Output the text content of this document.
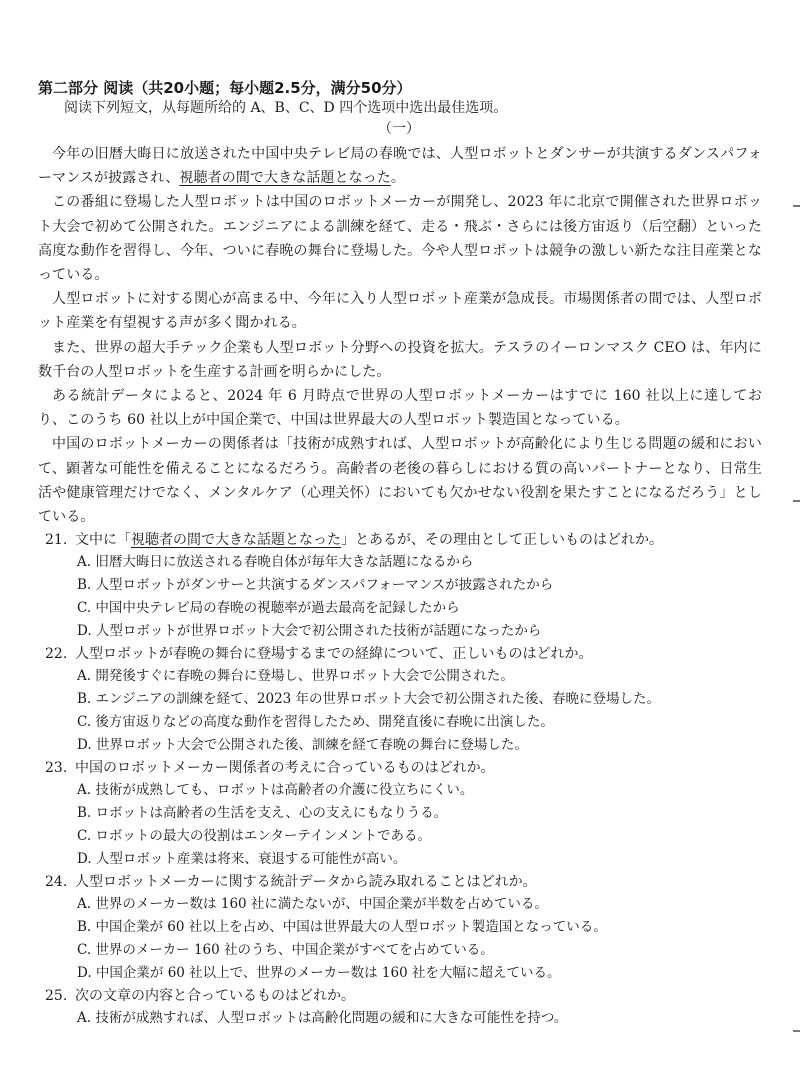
第二部分 阅读（共20小题；每小题2.5分，满分50分）
阅读下列短文，从每题所给的 A、B、C、D 四个选项中选出最佳选项。
（一）

今年の旧暦大晦日に放送された中国中央テレビ局の春晩では、人型ロボットとダンサーが共演するダンスパフォーマンスが披露され、視聴者の間で大きな話題となった。

この番組に登場した人型ロボットは中国のロボットメーカーが開発し、2023 年に北京で開催された世界ロボット大会で初めて公開された。エンジニアによる訓練を経て、走る・飛ぶ・さらには後方宙返り（后空翻）といった高度な動作を習得し、今年、ついに春晩の舞台に登場した。今や人型ロボットは競争の激しい新たな注目産業となっている。

人型ロボットに対する関心が高まる中、今年に入り人型ロボット産業が急成長。市場関係者の間では、人型ロボット産業を有望視する声が多く聞かれる。

また、世界の超大手テック企業も人型ロボット分野への投資を拡大。テスラのイーロンマスク CEO は、年内に数千台の人型ロボットを生産する計画を明らかにした。

ある統計データによると、2024 年 6 月時点で世界の人型ロボットメーカーはすでに 160 社以上に達しており、このうち 60 社以上が中国企業で、中国は世界最大の人型ロボット製造国となっている。

中国のロボットメーカーの関係者は「技術が成熟すれば、人型ロボットが高齢化により生じる問題の緩和において、顕著な可能性を備えることになるだろう。高齢者の老後の暮らしにおける質の高いパートナーとなり、日常生活や健康管理だけでなく、メンタルケア（心理关怀）においても欠かせない役割を果たすことになるだろう」としている。

21. 文中に「視聴者の間で大きな話題となった」とあるが、その理由として正しいものはどれか。
A. 旧暦大晦日に放送される春晩自体が毎年大きな話題になるから
B. 人型ロボットがダンサーと共演するダンスパフォーマンスが披露されたから
C. 中国中央テレビ局の春晩の視聴率が過去最高を記録したから
D. 人型ロボットが世界ロボット大会で初公開された技術が話題になったから
22. 人型ロボットが春晩の舞台に登場するまでの経緯について、正しいものはどれか。
A. 開発後すぐに春晩の舞台に登場し、世界ロボット大会で公開された。
B. エンジニアの訓練を経て、2023 年の世界ロボット大会で初公開された後、春晩に登場した。
C. 後方宙返りなどの高度な動作を習得したため、開発直後に春晩に出演した。
D. 世界ロボット大会で公開された後、訓練を経て春晩の舞台に登場した。
23. 中国のロボットメーカー関係者の考えに合っているものはどれか。
A. 技術が成熟しても、ロボットは高齢者の介護に役立ちにくい。
B. ロボットは高齢者の生活を支え、心の支えにもなりうる。
C. ロボットの最大の役割はエンターテインメントである。
D. 人型ロボット産業は将来、衰退する可能性が高い。
24. 人型ロボットメーカーに関する統計データから読み取れることはどれか。
A. 世界のメーカー数は 160 社に満たないが、中国企業が半数を占めている。
B. 中国企業が 60 社以上を占め、中国は世界最大の人型ロボット製造国となっている。
C. 世界のメーカー 160 社のうち、中国企業がすべてを占めている。
D. 中国企業が 60 社以上で、世界のメーカー数は 160 社を大幅に超えている。
25. 次の文章の内容と合っているものはどれか。
A. 技術が成熟すれば、人型ロボットは高齢化問題の緩和に大きな可能性を持つ。
